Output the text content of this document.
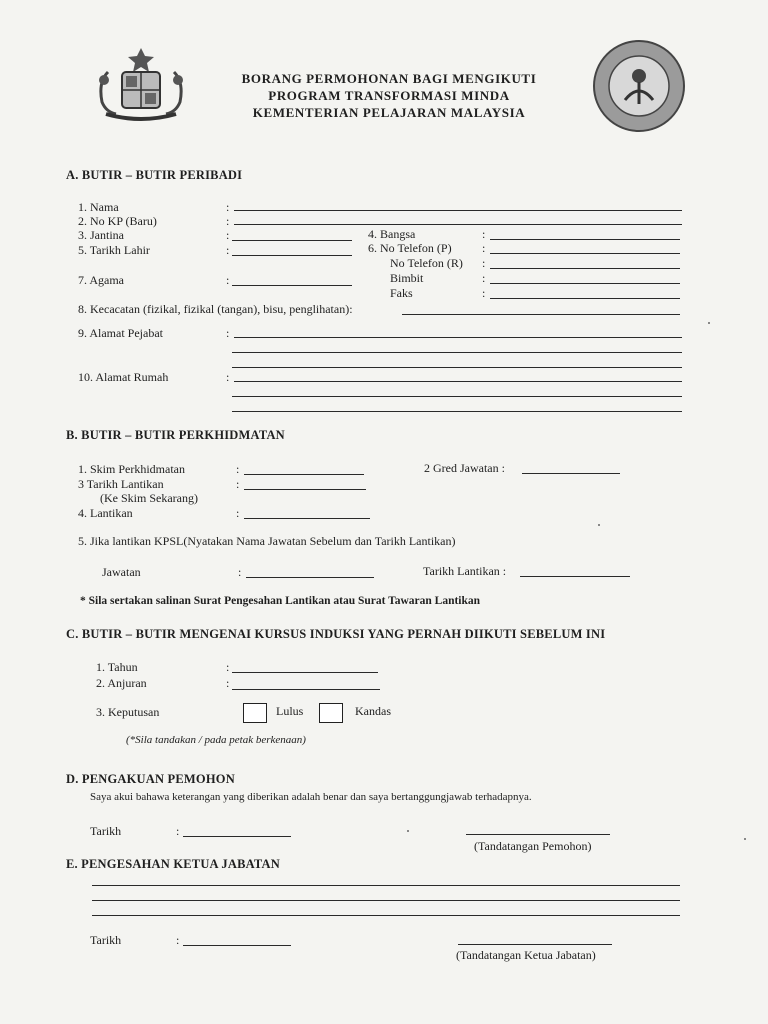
BORANG PERMOHONAN BAGI MENGIKUTI
PROGRAM TRANSFORMASI MINDA
KEMENTERIAN PELAJARAN MALAYSIA
A. BUTIR – BUTIR PERIBADI
1. Nama	:
2. No KP (Baru)	:
3. Jantina	:	4. Bangsa	:
5. Tarikh Lahir	:	6. No Telefon (P)	:
No Telefon (R) :
Bimbit	:
7. Agama	:
Faks	:
8. Kecacatan (fizikal, fizikal (tangan), bisu, penglihatan):
9. Alamat Pejabat	:
10. Alamat Rumah	:
B. BUTIR – BUTIR PERKHIDMATAN
1. Skim Perkhidmatan	:	2 Gred Jawatan :
3 Tarikh Lantikan	:
(Ke Skim Sekarang)
4. Lantikan	:
5. Jika lantikan KPSL(Nyatakan Nama Jawatan Sebelum dan Tarikh Lantikan)
Jawatan	:	Tarikh Lantikan :
* Sila sertakan salinan Surat Pengesahan Lantikan atau Surat Tawaran Lantikan
C. BUTIR – BUTIR MENGENAI KURSUS INDUKSI YANG PERNAH DIIKUTI SEBELUM INI
1. Tahun	:
2. Anjuran	:
3. Keputusan	Lulus	Kandas
(*Sila tandakan / pada petak berkenaan)
D. PENGAKUAN PEMOHON
Saya akui bahawa keterangan yang diberikan adalah benar dan saya bertanggungjawab terhadapnya.
Tarikh	:
(Tandatangan Pemohon)
E. PENGESAHAN KETUA JABATAN
Tarikh	:
(Tandatangan Ketua Jabatan)
